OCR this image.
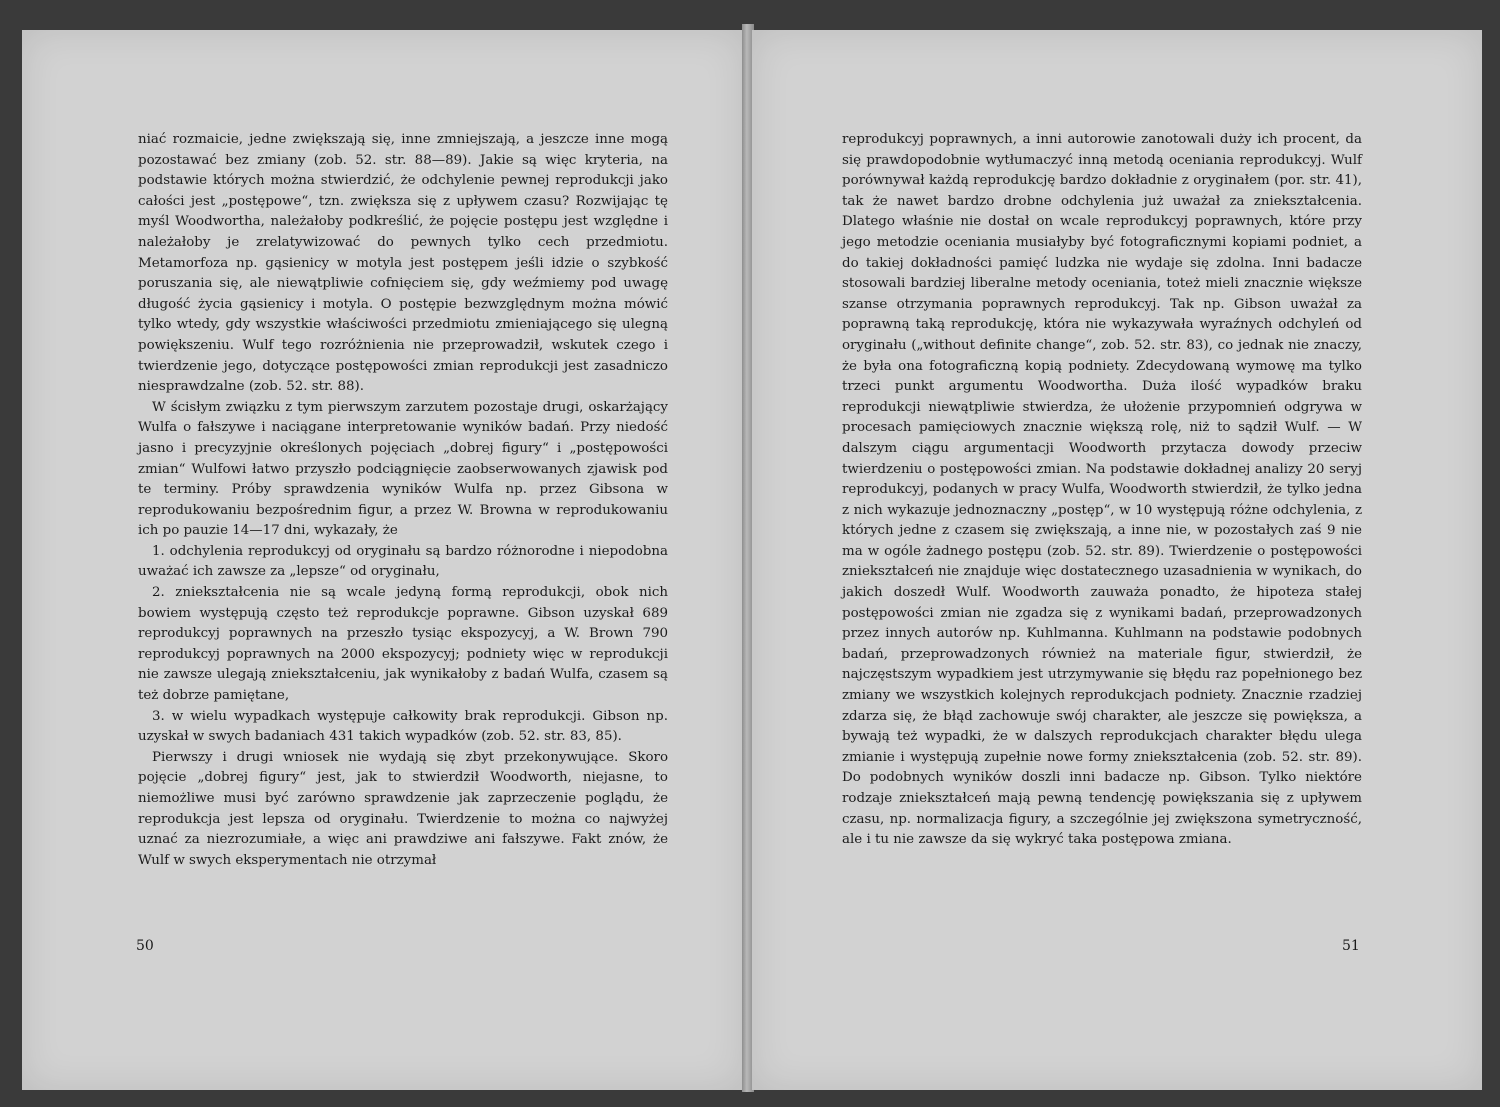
niać rozmaicie, jedne zwiększają się, inne zmniejszają, a jeszcze inne mogą pozostawać bez zmiany (zob. 52. str. 88—89). Jakie są więc kryteria, na podstawie których można stwierdzić, że odchylenie pewnej reprodukcji jako całości jest „postępowe“, tzn. zwiększa się z upływem czasu? Rozwijając tę myśl Woodwortha, należałoby podkreślić, że pojęcie postępu jest względne i należałoby je zrelatywizować do pewnych tylko cech przedmiotu. Metamorfoza np. gąsienicy w motyla jest postępem jeśli idzie o szybkość poruszania się, ale niewątpliwie cofnięciem się, gdy weźmiemy pod uwagę długość życia gąsienicy i motyla. O postępie bezwzględnym można mówić tylko wtedy, gdy wszystkie właściwości przedmiotu zmieniającego się ulegną powiększeniu. Wulf tego rozróżnienia nie przeprowadził, wskutek czego i twierdzenie jego, dotyczące postępowości zmian reprodukcji jest zasadniczo niesprawdzalne (zob. 52. str. 88).

W ścisłym związku z tym pierwszym zarzutem pozostaje drugi, oskarżający Wulfa o fałszywe i naciągane interpretowanie wyników badań. Przy niedość jasno i precyzyjnie określonych pojęciach „dobrej figury“ i „postępowości zmian“ Wulfowi łatwo przyszło podciągnięcie zaobserwowanych zjawisk pod te terminy. Próby sprawdzenia wyników Wulfa np. przez Gibsona w reprodukowaniu bezpośrednim figur, a przez W. Browna w reprodukowaniu ich po pauzie 14—17 dni, wykazały, że

1. odchylenia reprodukcyj od oryginału są bardzo różnorodne i niepodobna uważać ich zawsze za „lepsze“ od oryginału,

2. zniekształcenia nie są wcale jedyną formą reprodukcji, obok nich bowiem występują często też reprodukcje poprawne. Gibson uzyskał 689 reprodukcyj poprawnych na przeszło tysiąc ekspozycyj, a W. Brown 790 reprodukcyj poprawnych na 2000 ekspozycyj; podniety więc w reprodukcji nie zawsze ulegają zniekształceniu, jak wynikałoby z badań Wulfa, czasem są też dobrze pamiętane,

3. w wielu wypadkach występuje całkowity brak reprodukcji. Gibson np. uzyskał w swych badaniach 431 takich wypadków (zob. 52. str. 83, 85).

Pierwszy i drugi wniosek nie wydają się zbyt przekonywujące. Skoro pojęcie „dobrej figury“ jest, jak to stwierdził Woodworth, niejasne, to niemożliwe musi być zarówno sprawdzenie jak zaprzeczenie poglądu, że reprodukcja jest lepsza od oryginału. Twierdzenie to można co najwyżej uznać za niezrozumiałe, a więc ani prawdziwe ani fałszywe. Fakt znów, że Wulf w swych eksperymentach nie otrzymał

50

reprodukcyj poprawnych, a inni autorowie zanotowali duży ich procent, da się prawdopodobnie wytłumaczyć inną metodą oceniania reprodukcyj. Wulf porównywał każdą reprodukcję bardzo dokładnie z oryginałem (por. str. 41), tak że nawet bardzo drobne odchylenia już uważał za zniekształcenia. Dlatego właśnie nie dostał on wcale reprodukcyj poprawnych, które przy jego metodzie oceniania musiałyby być fotograficznymi kopiami podniet, a do takiej dokładności pamięć ludzka nie wydaje się zdolna. Inni badacze stosowali bardziej liberalne metody oceniania, toteż mieli znacznie większe szanse otrzymania poprawnych reprodukcyj. Tak np. Gibson uważał za poprawną taką reprodukcję, która nie wykazywała wyraźnych odchyleń od oryginału („without definite change“, zob. 52. str. 83), co jednak nie znaczy, że była ona fotograficzną kopią podniety. Zdecydowaną wymowę ma tylko trzeci punkt argumentu Woodwortha. Duża ilość wypadków braku reprodukcji niewątpliwie stwierdza, że ułożenie przypomnień odgrywa w procesach pamięciowych znacznie większą rolę, niż to sądził Wulf. — W dalszym ciągu argumentacji Woodworth przytacza dowody przeciw twierdzeniu o postępowości zmian. Na podstawie dokładnej analizy 20 seryj reprodukcyj, podanych w pracy Wulfa, Woodworth stwierdził, że tylko jedna z nich wykazuje jednoznaczny „postęp“, w 10 występują różne odchylenia, z których jedne z czasem się zwiększają, a inne nie, w pozostałych zaś 9 nie ma w ogóle żadnego postępu (zob. 52. str. 89). Twierdzenie o postępowości zniekształceń nie znajduje więc dostatecznego uzasadnienia w wynikach, do jakich doszedł Wulf. Woodworth zauważa ponadto, że hipoteza stałej postępowości zmian nie zgadza się z wynikami badań, przeprowadzonych przez innych autorów np. Kuhlmanna. Kuhlmann na podstawie podobnych badań, przeprowadzonych również na materiale figur, stwierdził, że najczęstszym wypadkiem jest utrzymywanie się błędu raz popełnionego bez zmiany we wszystkich kolejnych reprodukcjach podniety. Znacznie rzadziej zdarza się, że błąd zachowuje swój charakter, ale jeszcze się powiększa, a bywają też wypadki, że w dalszych reprodukcjach charakter błędu ulega zmianie i występują zupełnie nowe formy zniekształcenia (zob. 52. str. 89). Do podobnych wyników doszli inni badacze np. Gibson. Tylko niektóre rodzaje zniekształceń mają pewną tendencję powiększania się z upływem czasu, np. normalizacja figury, a szczególnie jej zwiększona symetryczność, ale i tu nie zawsze da się wykryć taka postępowa zmiana.

51
